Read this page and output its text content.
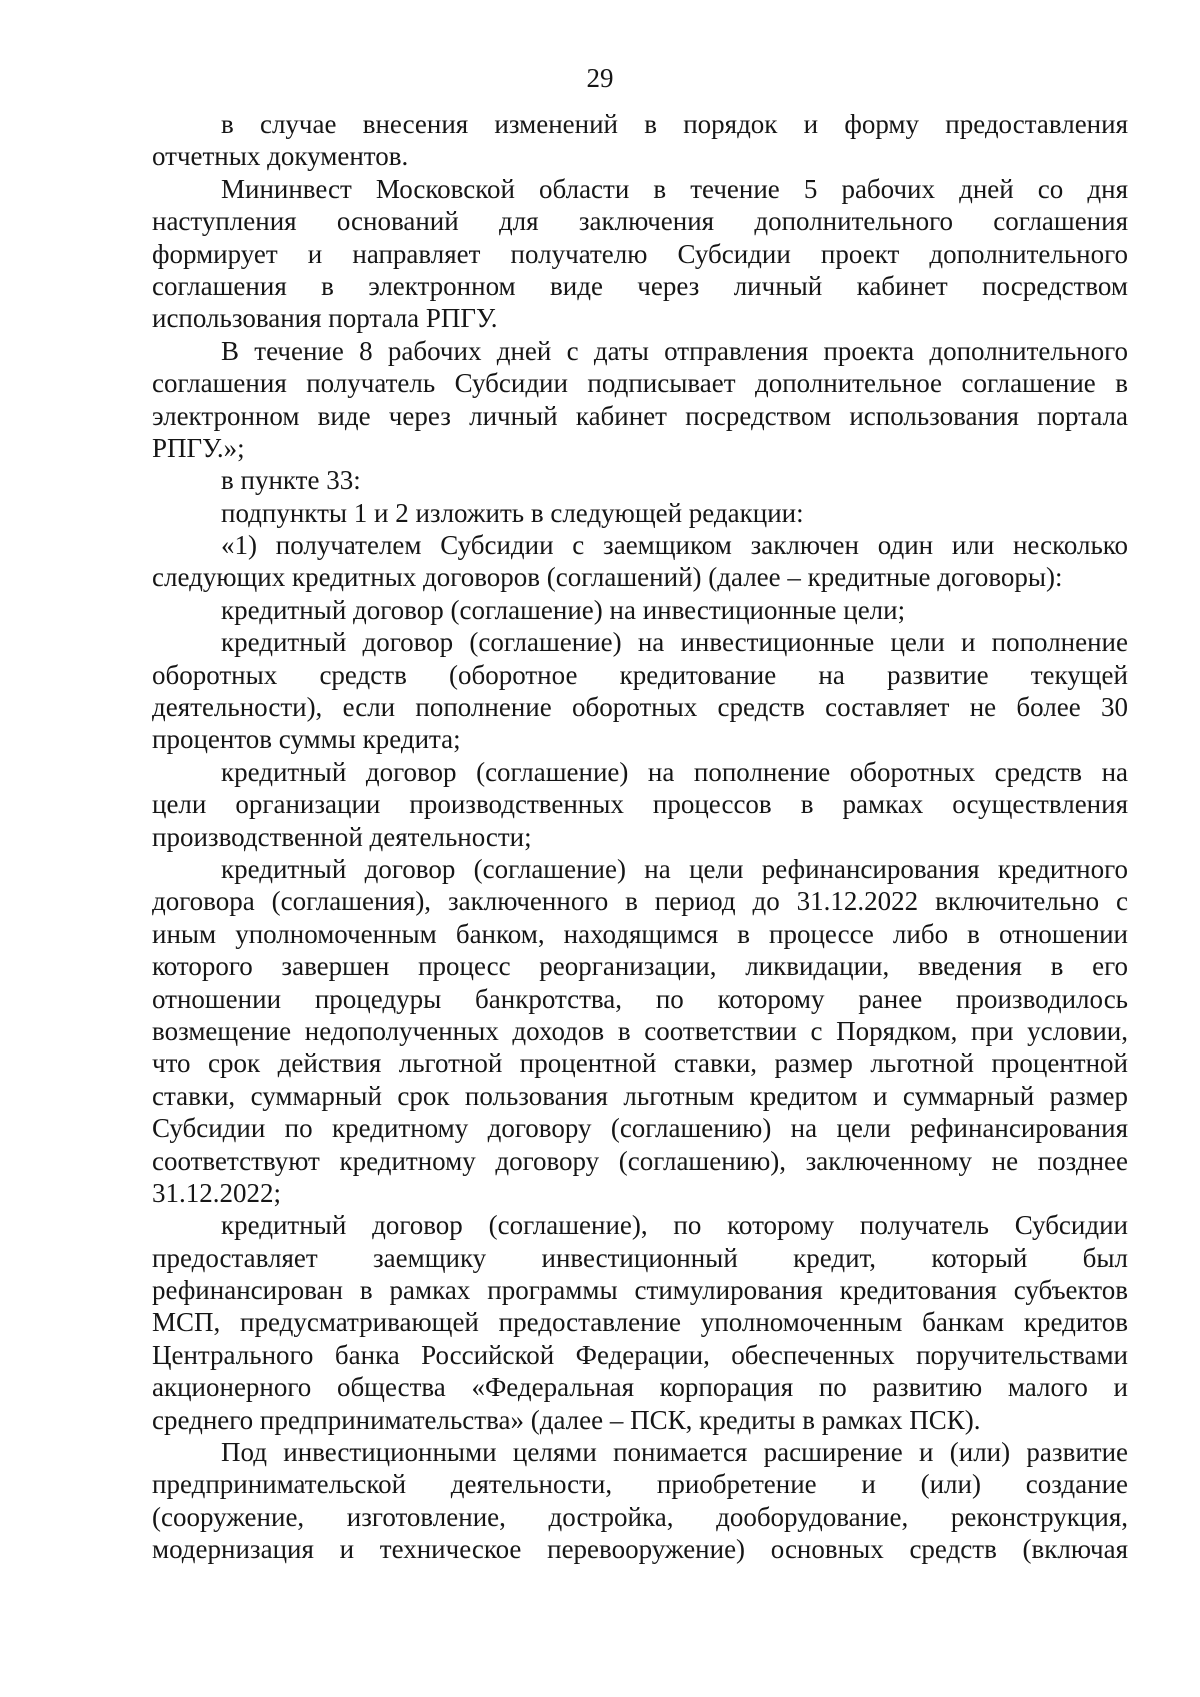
29
в случае внесения изменений в порядок и форму предоставления
отчетных документов.
Мининвест Московской области в течение 5 рабочих дней со дня
наступления оснований для заключения дополнительного соглашения
формирует и направляет получателю Субсидии проект дополнительного
соглашения в электронном виде через личный кабинет посредством
использования портала РПГУ.
В течение 8 рабочих дней с даты отправления проекта дополнительного
соглашения получатель Субсидии подписывает дополнительное соглашение в
электронном виде через личный кабинет посредством использования портала
РПГУ.»;
в пункте 33:
подпункты 1 и 2 изложить в следующей редакции:
«1) получателем Субсидии с заемщиком заключен один или несколько
следующих кредитных договоров (соглашений) (далее – кредитные договоры):
кредитный договор (соглашение) на инвестиционные цели;
кредитный договор (соглашение) на инвестиционные цели и пополнение
оборотных средств (оборотное кредитование на развитие текущей
деятельности), если пополнение оборотных средств составляет не более 30
процентов суммы кредита;
кредитный договор (соглашение) на пополнение оборотных средств на
цели организации производственных процессов в рамках осуществления
производственной деятельности;
кредитный договор (соглашение) на цели рефинансирования кредитного
договора (соглашения), заключенного в период до 31.12.2022 включительно с
иным уполномоченным банком, находящимся в процессе либо в отношении
которого завершен процесс реорганизации, ликвидации, введения в его
отношении процедуры банкротства, по которому ранее производилось
возмещение недополученных доходов в соответствии с Порядком, при условии,
что срок действия льготной процентной ставки, размер льготной процентной
ставки, суммарный срок пользования льготным кредитом и суммарный размер
Субсидии по кредитному договору (соглашению) на цели рефинансирования
соответствуют кредитному договору (соглашению), заключенному не позднее
31.12.2022;
кредитный договор (соглашение), по которому получатель Субсидии
предоставляет заемщику инвестиционный кредит, который был
рефинансирован в рамках программы стимулирования кредитования субъектов
МСП, предусматривающей предоставление уполномоченным банкам кредитов
Центрального банка Российской Федерации, обеспеченных поручительствами
акционерного общества «Федеральная корпорация по развитию малого и
среднего предпринимательства» (далее – ПСК, кредиты в рамках ПСК).
Под инвестиционными целями понимается расширение и (или) развитие
предпринимательской деятельности, приобретение и (или) создание
(сооружение, изготовление, достройка, дооборудование, реконструкция,
модернизация и техническое перевооружение) основных средств (включая
